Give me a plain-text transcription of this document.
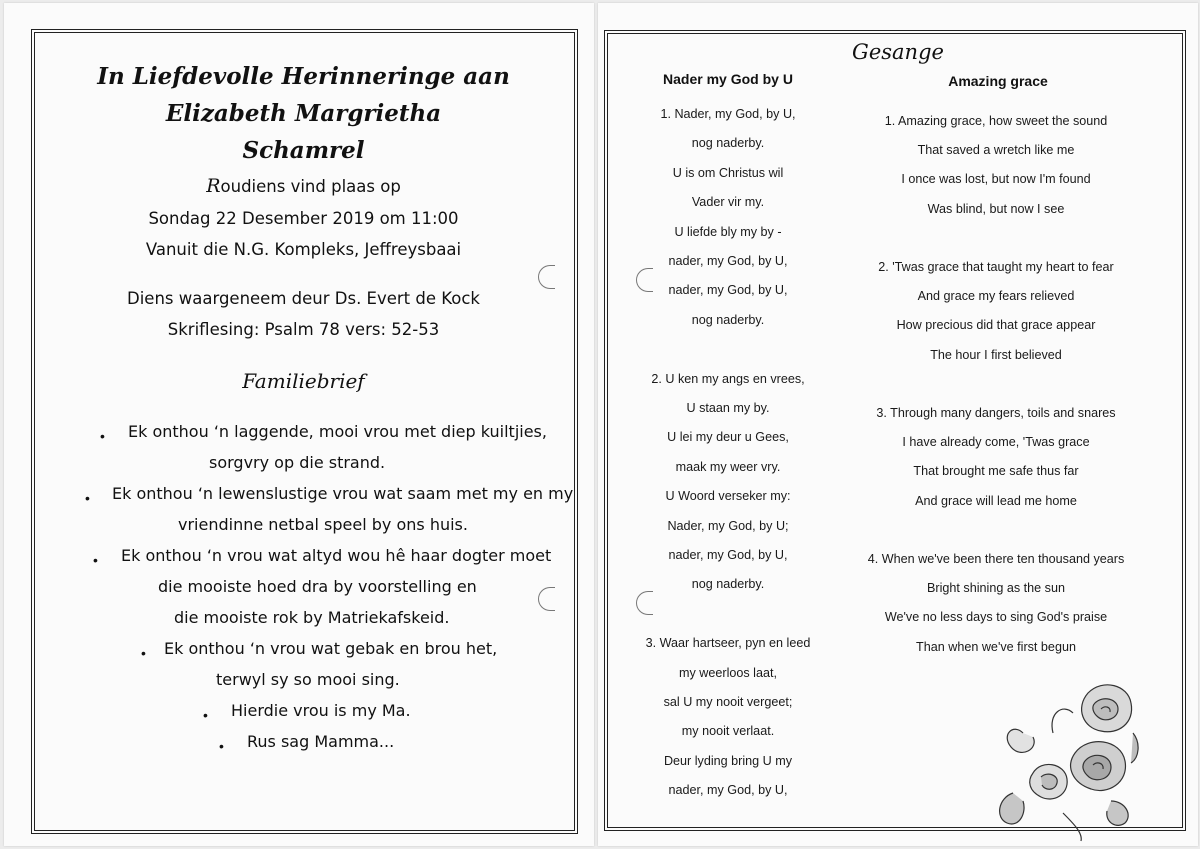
In Liefdevolle Herinneringe aan
Elizabeth Margrietha
Schamrel
Roudiens vind plaas op
Sondag 22 Desember 2019 om 11:00
Vanuit die N.G. Kompleks, Jeffreysbaai
Diens waargeneem deur Ds. Evert de Kock
Skriflesing: Psalm 78 vers: 52-53
Familiebrief
• Ek onthou ‘n laggende, mooi vrou met diep kuiltjies,
sorgvry op die strand.
• Ek onthou ‘n lewenslustige vrou wat saam met my en my
vriendinne netbal speel by ons huis.
• Ek onthou ‘n vrou wat altyd wou hê haar dogter moet
die mooiste hoed dra by voorstelling en
die mooiste rok by Matriekafskeid.
• Ek onthou ‘n vrou wat gebak en brou het,
terwyl sy so mooi sing.
• Hierdie vrou is my Ma.
• Rus sag Mamma...
Gesange
Nader my God by U	Amazing grace
1. Nader, my God, by U,
nog naderby.
U is om Christus wil
Vader vir my.
U liefde bly my by -
nader, my God, by U,
nader, my God, by U,
nog naderby.
2. U ken my angs en vrees,
U staan my by.
U lei my deur u Gees,
maak my weer vry.
U Woord verseker my:
Nader, my God, by U;
nader, my God, by U,
nog naderby.
3. Waar hartseer, pyn en leed
my weerloos laat,
sal U my nooit vergeet;
my nooit verlaat.
Deur lyding bring U my
nader, my God, by U,
1. Amazing grace, how sweet the sound
That saved a wretch like me
I once was lost, but now I'm found
Was blind, but now I see
2. 'Twas grace that taught my heart to fear
And grace my fears relieved
How precious did that grace appear
The hour I first believed
3. Through many dangers, toils and snares
I have already come, 'Twas grace
That brought me safe thus far
And grace will lead me home
4. When we've been there ten thousand years
Bright shining as the sun
We've no less days to sing God's praise
Than when we've first begun
